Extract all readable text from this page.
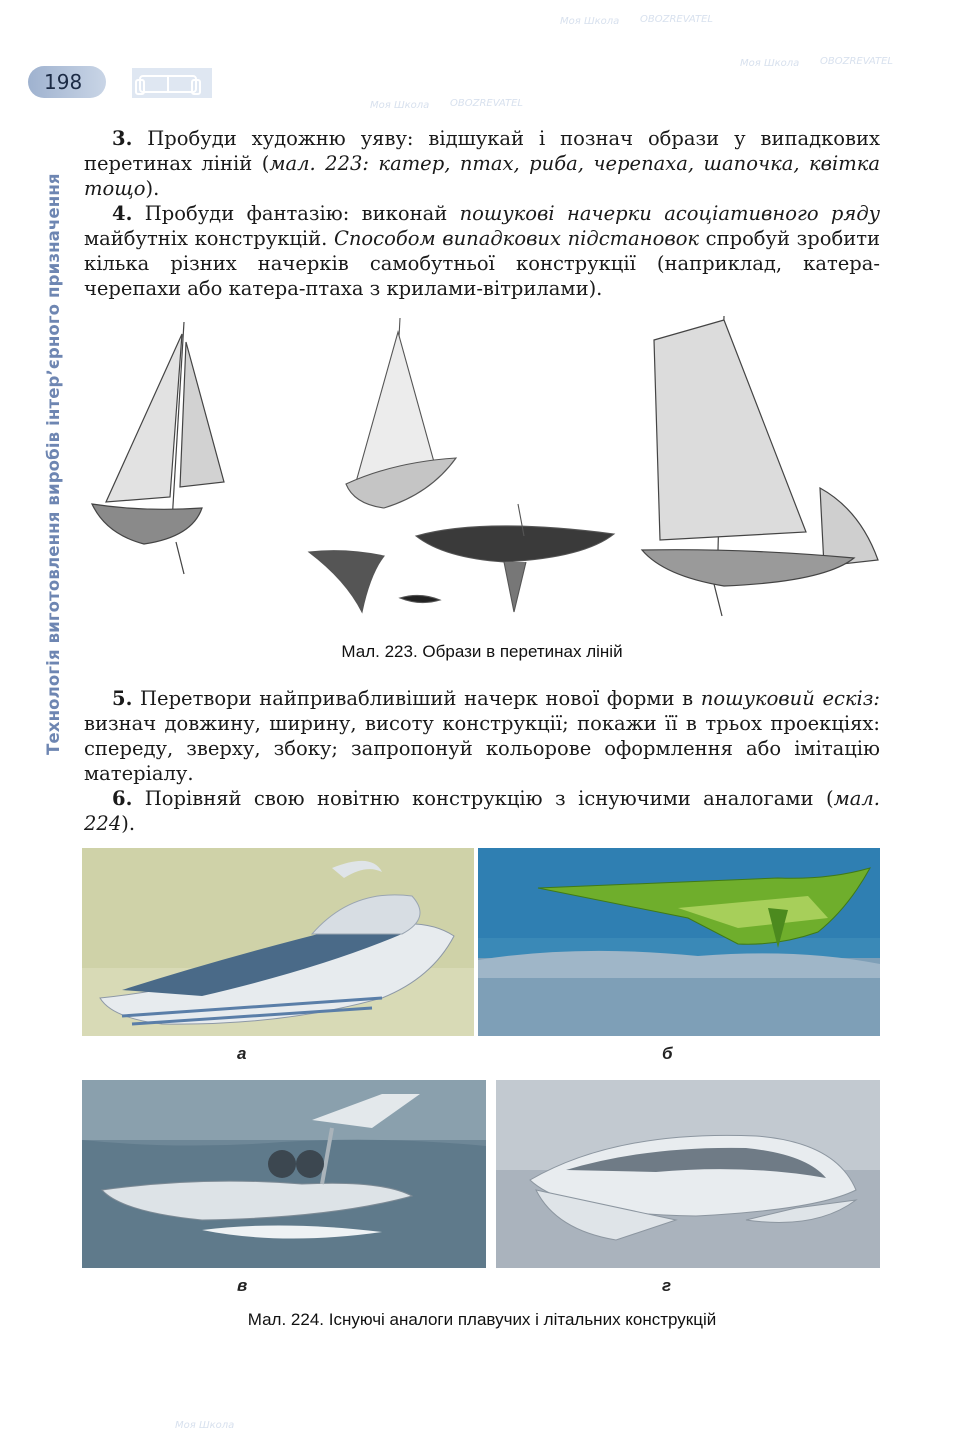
198
Технологія виготовлення виробів інтер’єрного призначення

3. Пробуди художню уяву: відшукай і познач образи у випадкових перетинах ліній (мал. 223: катер, птах, риба, черепаха, шапочка, квітка тощо).

4. Пробуди фантазію: виконай пошукові начерки асоціативного ряду майбутніх конструкцій. Способом випадкових підстановок спробуй зробити кілька різних начерків самобутньої конструкції (наприклад, катера-черепахи або катера-птаха з крилами-вітрилами).

Мал. 223. Образи в перетинах ліній

5. Перетвори найпривабливіший начерк нової форми в пошуковий ескіз: визнач довжину, ширину, висоту конструкції; покажи її в трьох проекціях: спереду, зверху, збоку; запропонуй кольорове оформлення або імітацію матеріалу.

6. Порівняй свою новітню конструкцію з існуючими аналогами (мал. 224).

а	б
в	г
Мал. 224. Існуючі аналоги плавучих і літальних конструкцій
Моя Школа OBOZREVATEL
Моя Школа OBOZREVATEL
Моя Школа OBOZREVATEL
Моя Школа
